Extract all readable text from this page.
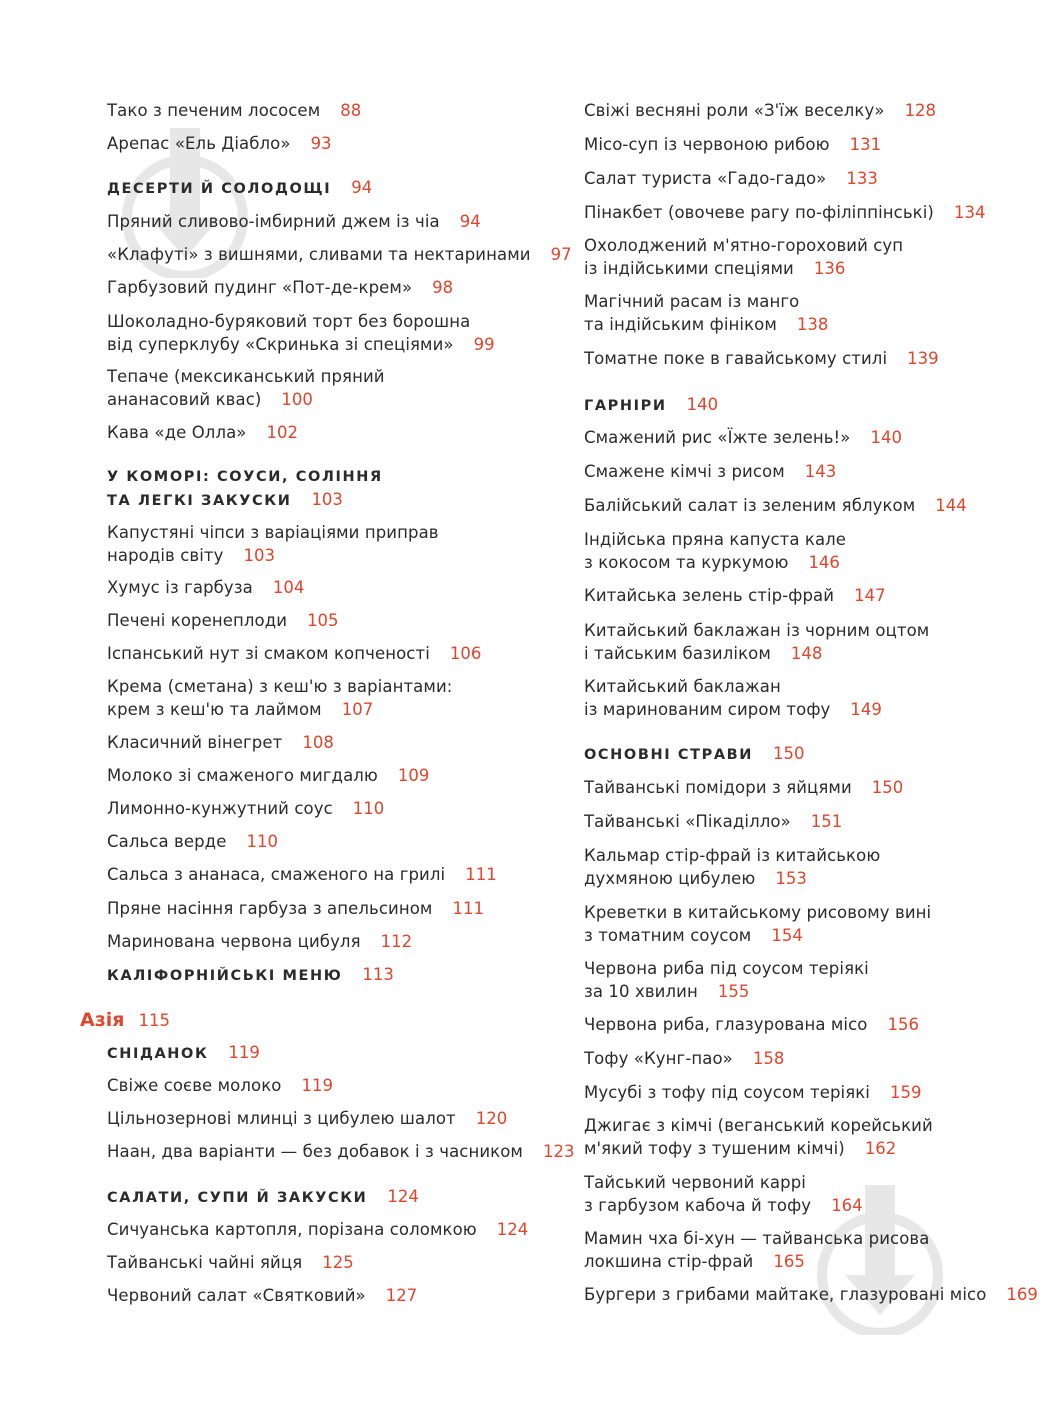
Тако з печеним лососем 88
Арепас «Ель Діабло» 93
ДЕСЕРТИ Й СОЛОДОЩІ 94
Пряний сливово-імбирний джем із чіа 94
«Клафуті» з вишнями, сливами та нектаринами 97
Гарбузовий пудинг «Пот-де-крем» 98
Шоколадно-буряковий торт без борошна
від суперклубу «Скринька зі спеціями» 99
Тепаче (мексиканський пряний
ананасовий квас) 100
Кава «де Олла» 102
У КОМОРІ: СОУСИ, СОЛІННЯ
ТА ЛЕГКІ ЗАКУСКИ 103
Капустяні чіпси з варіаціями приправ
народів світу 103
Хумус із гарбуза 104
Печені коренеплоди 105
Іспанський нут зі смаком копченості 106
Крема (сметана) з кеш'ю з варіантами:
крем з кеш'ю та лаймом 107
Класичний вінегрет 108
Молоко зі смаженого мигдалю 109
Лимонно-кунжутний соус 110
Сальса верде 110
Сальса з ананаса, смаженого на грилі 111
Пряне насіння гарбуза з апельсином 111
Маринована червона цибуля 112
КАЛІФОРНІЙСЬКІ МЕНЮ 113
Азія 115
СНІДАНОК 119
Свіже соєве молоко 119
Цільнозернові млинці з цибулею шалот 120
Наан, два варіанти — без добавок і з часником 123
САЛАТИ, СУПИ Й ЗАКУСКИ 124
Сичуанська картопля, порізана соломкою 124
Тайванські чайні яйця 125
Червоний салат «Святковий» 127
Свіжі весняні роли «З'їж веселку» 128
Місо-суп із червоною рибою 131
Салат туриста «Гадо-гадо» 133
Пінакбет (овочеве рагу по-філіппінські) 134
Охолоджений м'ятно-гороховий суп
із індійськими спеціями 136
Магічний расам із манго
та індійським фініком 138
Томатне поке в гавайському стилі 139
ГАРНІРИ 140
Смажений рис «Їжте зелень!» 140
Смажене кімчі з рисом 143
Балійський салат із зеленим яблуком 144
Індійська пряна капуста кале
з кокосом та куркумою 146
Китайська зелень стір-фрай 147
Китайський баклажан із чорним оцтом
і тайським базиліком 148
Китайський баклажан
із маринованим сиром тофу 149
ОСНОВНІ СТРАВИ 150
Тайванські помідори з яйцями 150
Тайванські «Пікаділло» 151
Кальмар стір-фрай із китайською
духмяною цибулею 153
Креветки в китайському рисовому вині
з томатним соусом 154
Червона риба під соусом теріякі
за 10 хвилин 155
Червона риба, глазурована місо 156
Тофу «Кунг-пао» 158
Мусубі з тофу під соусом теріякі 159
Джигає з кімчі (веганський корейський
м'який тофу з тушеним кімчі) 162
Тайський червоний каррі
з гарбузом кабоча й тофу 164
Мамин чха бі-хун — тайванська рисова
локшина стір-фрай 165
Бургери з грибами майтаке, глазуровані місо 169
